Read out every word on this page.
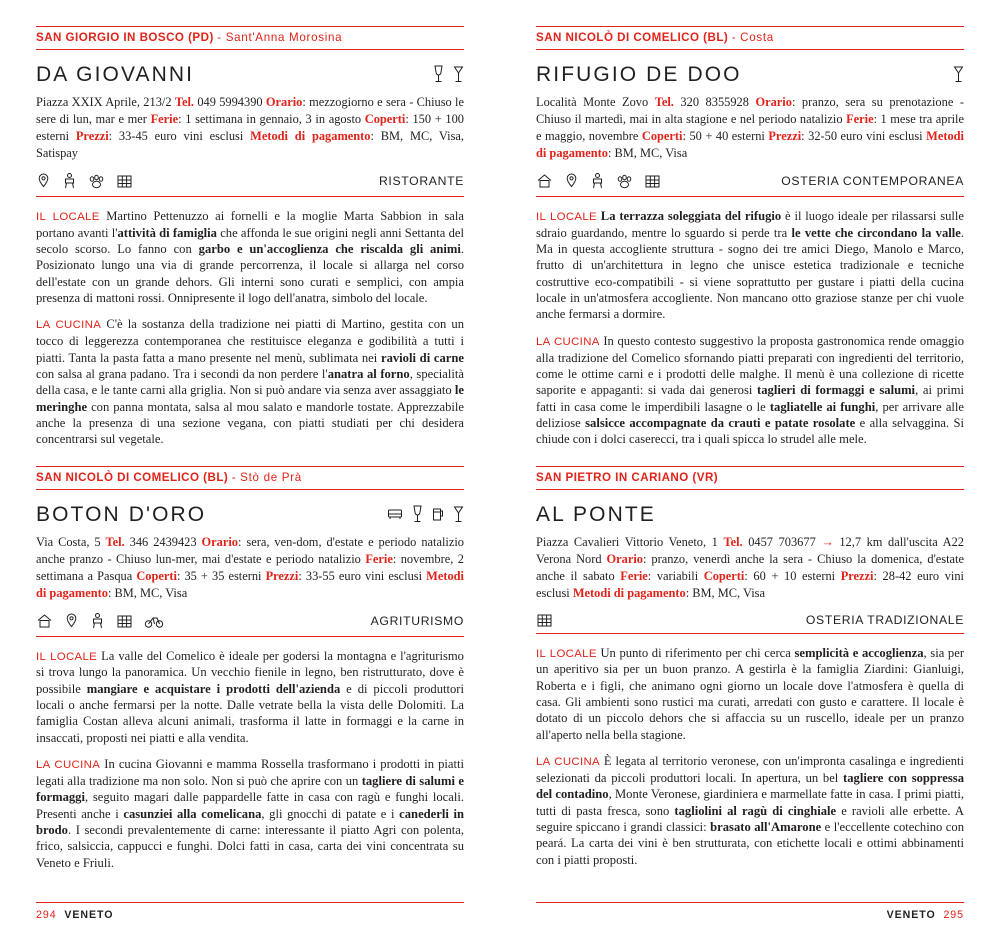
SAN GIORGIO IN BOSCO (PD) - Sant'Anna Morosina
DA GIOVANNI
Piazza XXIX Aprile, 213/2 Tel. 049 5994390 Orario: mezzogiorno e sera - Chiuso le sere di lun, mar e mer Ferie: 1 settimana in gennaio, 3 in agosto Coperti: 150 + 100 esterni Prezzi: 33-45 euro vini esclusi Metodi di pagamento: BM, MC, Visa, Satispay
RISTORANTE

IL LOCALE Martino Pettenuzzo ai fornelli e la moglie Marta Sabbion in sala portano avanti l'attività di famiglia che affonda le sue origini negli anni Settanta del secolo scorso. Lo fanno con garbo e un'accoglienza che riscalda gli animi. Posizionato lungo una via di grande percorrenza, il locale si allarga nel corso dell'estate con un grande dehors. Gli interni sono curati e semplici, con ampia presenza di mattoni rossi. Onnipresente il logo dell'anatra, simbolo del locale.

LA CUCINA C'è la sostanza della tradizione nei piatti di Martino, gestita con un tocco di leggerezza contemporanea che restituisce eleganza e godibilità a tutti i piatti. Tanta la pasta fatta a mano presente nel menù, sublimata nei ravioli di carne con salsa al grana padano. Tra i secondi da non perdere l'anatra al forno, specialità della casa, e le tante carni alla griglia. Non si può andare via senza aver assaggiato le meringhe con panna montata, salsa al mou salato e mandorle tostate. Apprezzabile anche la presenza di una sezione vegana, con piatti studiati per chi desidera concentrarsi sul vegetale.

SAN NICOLÒ DI COMELICO (BL) - Stò de Prà
BOTON D'ORO
Via Costa, 5 Tel. 346 2439423 Orario: sera, ven-dom, d'estate e periodo natalizio anche pranzo - Chiuso lun-mer, mai d'estate e periodo natalizio Ferie: novembre, 2 settimana a Pasqua Coperti: 35 + 35 esterni Prezzi: 33-55 euro vini esclusi Metodi di pagamento: BM, MC, Visa
AGRITURISMO

IL LOCALE La valle del Comelico è ideale per godersi la montagna e l'agriturismo si trova lungo la panoramica. Un vecchio fienile in legno, ben ristrutturato, dove è possibile mangiare e acquistare i prodotti dell'azienda e di piccoli produttori locali o anche fermarsi per la notte. Dalle vetrate bella la vista delle Dolomiti. La famiglia Costan alleva alcuni animali, trasforma il latte in formaggi e la carne in insaccati, proposti nei piatti e alla vendita.

LA CUCINA In cucina Giovanni e mamma Rossella trasformano i prodotti in piatti legati alla tradizione ma non solo. Non si può che aprire con un tagliere di salumi e formaggi, seguito magari dalle pappardelle fatte in casa con ragù e funghi locali. Presenti anche i casunziei alla comelicana, gli gnocchi di patate e i canederli in brodo. I secondi prevalentemente di carne: interessante il piatto Agri con polenta, frico, salsiccia, cappucci e funghi. Dolci fatti in casa, carta dei vini concentrata su Veneto e Friuli.

294 VENETO
SAN NICOLÒ DI COMELICO (BL) - Costa
RIFUGIO DE DOO
Località Monte Zovo Tel. 320 8355928 Orario: pranzo, sera su prenotazione - Chiuso il martedì, mai in alta stagione e nel periodo natalizio Ferie: 1 mese tra aprile e maggio, novembre Coperti: 50 + 40 esterni Prezzi: 32-50 euro vini esclusi Metodi di pagamento: BM, MC, Visa
OSTERIA CONTEMPORANEA

IL LOCALE La terrazza soleggiata del rifugio è il luogo ideale per rilassarsi sulle sdraio guardando, mentre lo sguardo si perde tra le vette che circondano la valle. Ma in questa accogliente struttura - sogno dei tre amici Diego, Manolo e Marco, frutto di un'architettura in legno che unisce estetica tradizionale e tecniche costruttive eco-compatibili - si viene soprattutto per gustare i piatti della cucina locale in un'atmosfera accogliente. Non mancano otto graziose stanze per chi vuole anche fermarsi a dormire.

LA CUCINA In questo contesto suggestivo la proposta gastronomica rende omaggio alla tradizione del Comelico sfornando piatti preparati con ingredienti del territorio, come le ottime carni e i prodotti delle malghe. Il menù è una collezione di ricette saporite e appaganti: si vada dai generosi taglieri di formaggi e salumi, ai primi fatti in casa come le imperdibili lasagne o le tagliatelle ai funghi, per arrivare alle deliziose salsicce accompagnate da crauti e patate rosolate e alla selvaggina. Si chiude con i dolci caserecci, tra i quali spicca lo strudel alle mele.

SAN PIETRO IN CARIANO (VR)
AL PONTE
Piazza Cavalieri Vittorio Veneto, 1 Tel. 0457 703677 → 12,7 km dall'uscita A22 Verona Nord Orario: pranzo, venerdì anche la sera - Chiuso la domenica, d'estate anche il sabato Ferie: variabili Coperti: 60 + 10 esterni Prezzi: 28-42 euro vini esclusi Metodi di pagamento: BM, MC, Visa
OSTERIA TRADIZIONALE

IL LOCALE Un punto di riferimento per chi cerca semplicità e accoglienza, sia per un aperitivo sia per un buon pranzo. A gestirla è la famiglia Ziardini: Gianluigi, Roberta e i figli, che animano ogni giorno un locale dove l'atmosfera è quella di casa. Gli ambienti sono rustici ma curati, arredati con gusto e carattere. Il locale è dotato di un piccolo dehors che si affaccia su un ruscello, ideale per un pranzo all'aperto nella bella stagione.

LA CUCINA È legata al territorio veronese, con un'impronta casalinga e ingredienti selezionati da piccoli produttori locali. In apertura, un bel tagliere con soppressa del contadino, Monte Veronese, giardiniera e marmellate fatte in casa. I primi piatti, tutti di pasta fresca, sono tagliolini al ragù di cinghiale e ravioli alle erbette. A seguire spiccano i grandi classici: brasato all'Amarone e l'eccellente cotechino con peará. La carta dei vini è ben strutturata, con etichette locali e ottimi abbinamenti con i piatti proposti.

VENETO 295
